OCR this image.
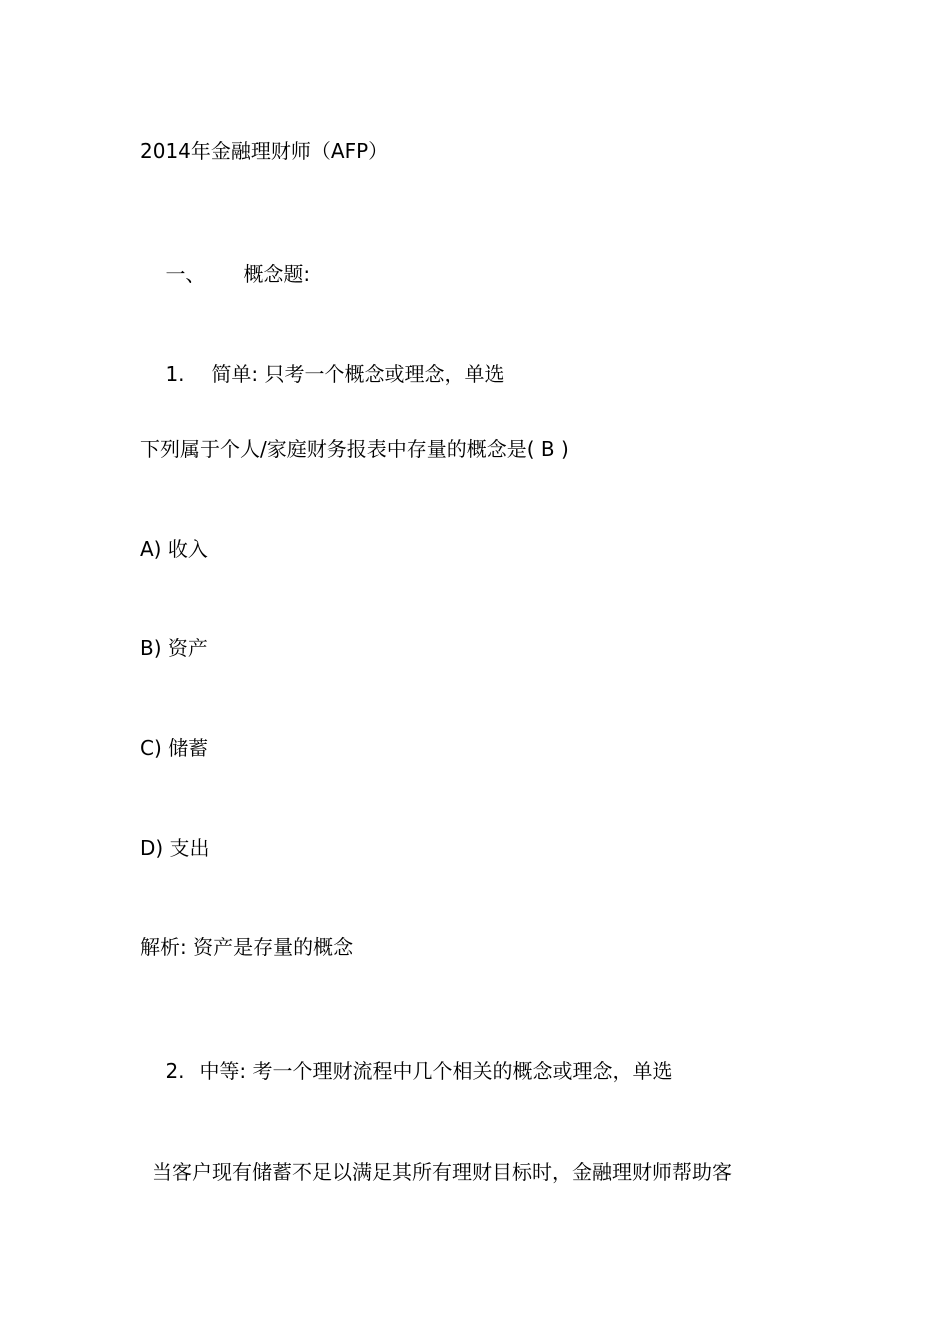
2014年金融理财师（AFP）

一、 概念题:

1. 简单: 只考一个概念或理念，单选

下列属于个人/家庭财务报表中存量的概念是( B )
A) 收入
B) 资产
C) 储蓄
D) 支出
解析: 资产是存量的概念

2. 中等: 考一个理财流程中几个相关的概念或理念，单选

当客户现有储蓄不足以满足其所有理财目标时，金融理财师帮助客
